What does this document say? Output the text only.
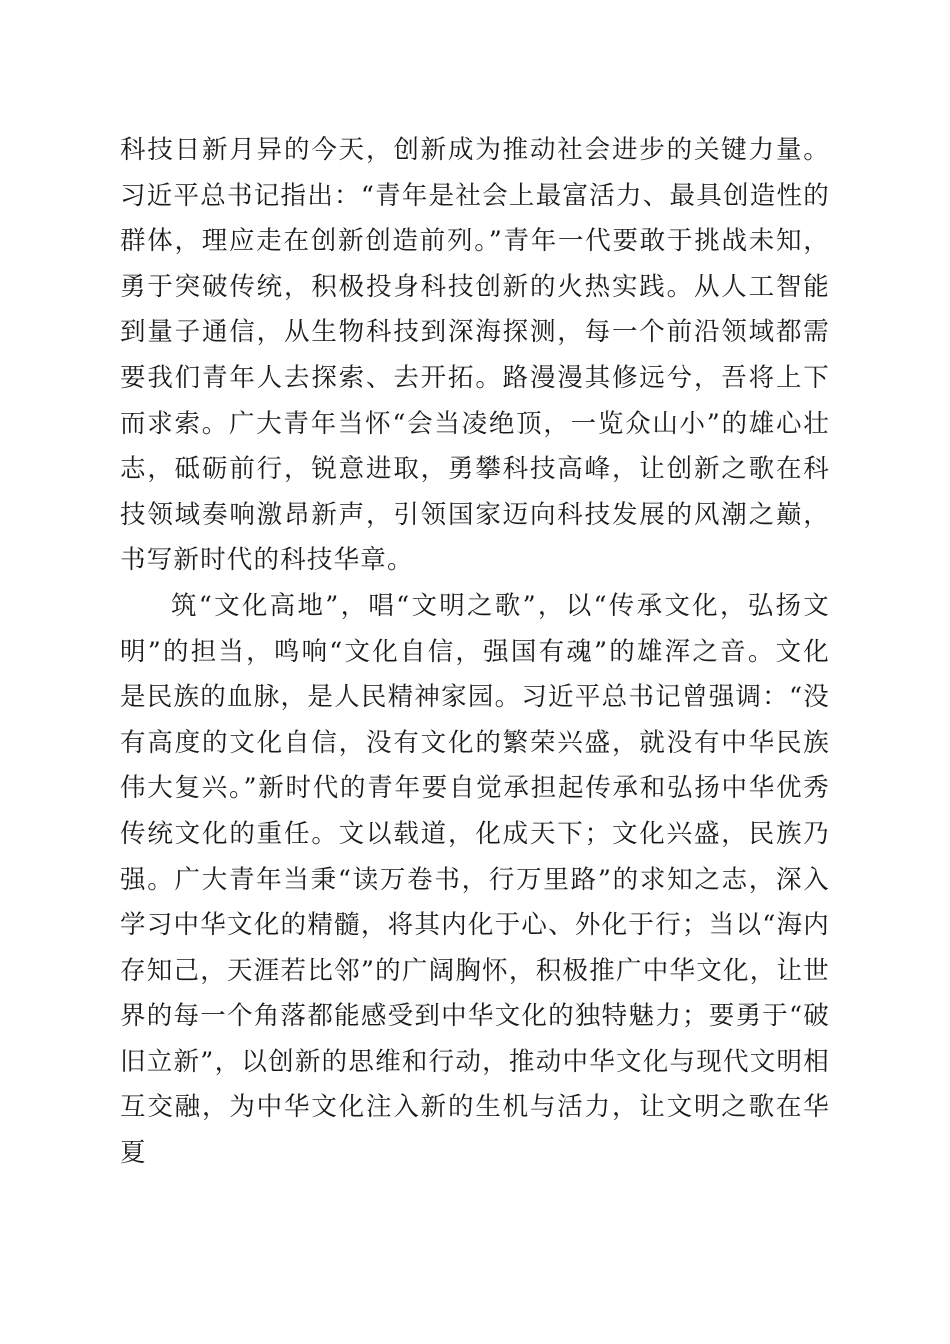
科技日新月异的今天，创新成为推动社会进步的关键力量。习近平总书记指出：“青年是社会上最富活力、最具创造性的群体，理应走在创新创造前列。”青年一代要敢于挑战未知，勇于突破传统，积极投身科技创新的火热实践。从人工智能到量子通信，从生物科技到深海探测，每一个前沿领域都需要我们青年人去探索、去开拓。路漫漫其修远兮，吾将上下而求索。广大青年当怀“会当凌绝顶，一览众山小”的雄心壮志，砥砺前行，锐意进取，勇攀科技高峰，让创新之歌在科技领域奏响激昂新声，引领国家迈向科技发展的风潮之巅，书写新时代的科技华章。

筑“文化高地”，唱“文明之歌”，以“传承文化，弘扬文明”的担当，鸣响“文化自信，强国有魂”的雄浑之音。文化是民族的血脉，是人民精神家园。习近平总书记曾强调：“没有高度的文化自信，没有文化的繁荣兴盛，就没有中华民族伟大复兴。”新时代的青年要自觉承担起传承和弘扬中华优秀传统文化的重任。文以载道，化成天下；文化兴盛，民族乃强。广大青年当秉“读万卷书，行万里路”的求知之志，深入学习中华文化的精髓，将其内化于心、外化于行；当以“海内存知己，天涯若比邻”的广阔胸怀，积极推广中华文化，让世界的每一个角落都能感受到中华文化的独特魅力；要勇于“破旧立新”，以创新的思维和行动，推动中华文化与现代文明相互交融，为中华文化注入新的生机与活力，让文明之歌在华夏
